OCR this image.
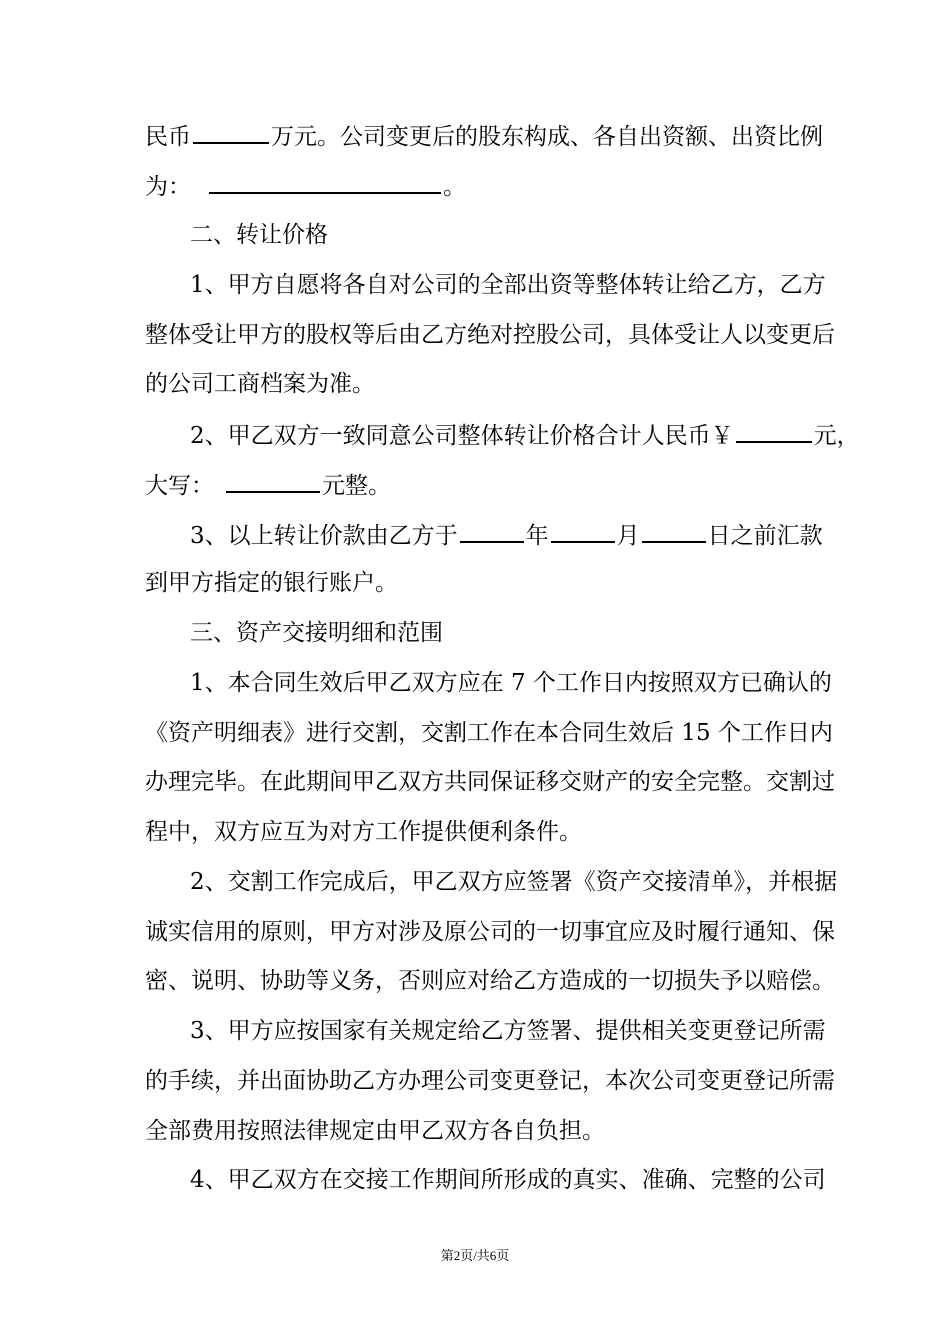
民币	万元。公司变更后的股东构成、各自出资额、出资比例
为：	。
二、转让价格
1、甲方自愿将各自对公司的全部出资等整体转让给乙方，乙方
整体受让甲方的股权等后由乙方绝对控股公司，具体受让人以变更后
的公司工商档案为准。
2、甲乙双方一致同意公司整体转让价格合计人民币￥	元，
大写：	元整。
3、以上转让价款由乙方于	年	月	日之前汇款
到甲方指定的银行账户。
三、资产交接明细和范围
1、本合同生效后甲乙双方应在 7 个工作日内按照双方已确认的
《资产明细表》进行交割，交割工作在本合同生效后 15 个工作日内
办理完毕。在此期间甲乙双方共同保证移交财产的安全完整。交割过
程中，双方应互为对方工作提供便利条件。
2、交割工作完成后，甲乙双方应签署《资产交接清单》，并根据
诚实信用的原则，甲方对涉及原公司的一切事宜应及时履行通知、保
密、说明、协助等义务，否则应对给乙方造成的一切损失予以赔偿。
3、甲方应按国家有关规定给乙方签署、提供相关变更登记所需
的手续，并出面协助乙方办理公司变更登记，本次公司变更登记所需
全部费用按照法律规定由甲乙双方各自负担。
4、甲乙双方在交接工作期间所形成的真实、准确、完整的公司
第2页/共6页
